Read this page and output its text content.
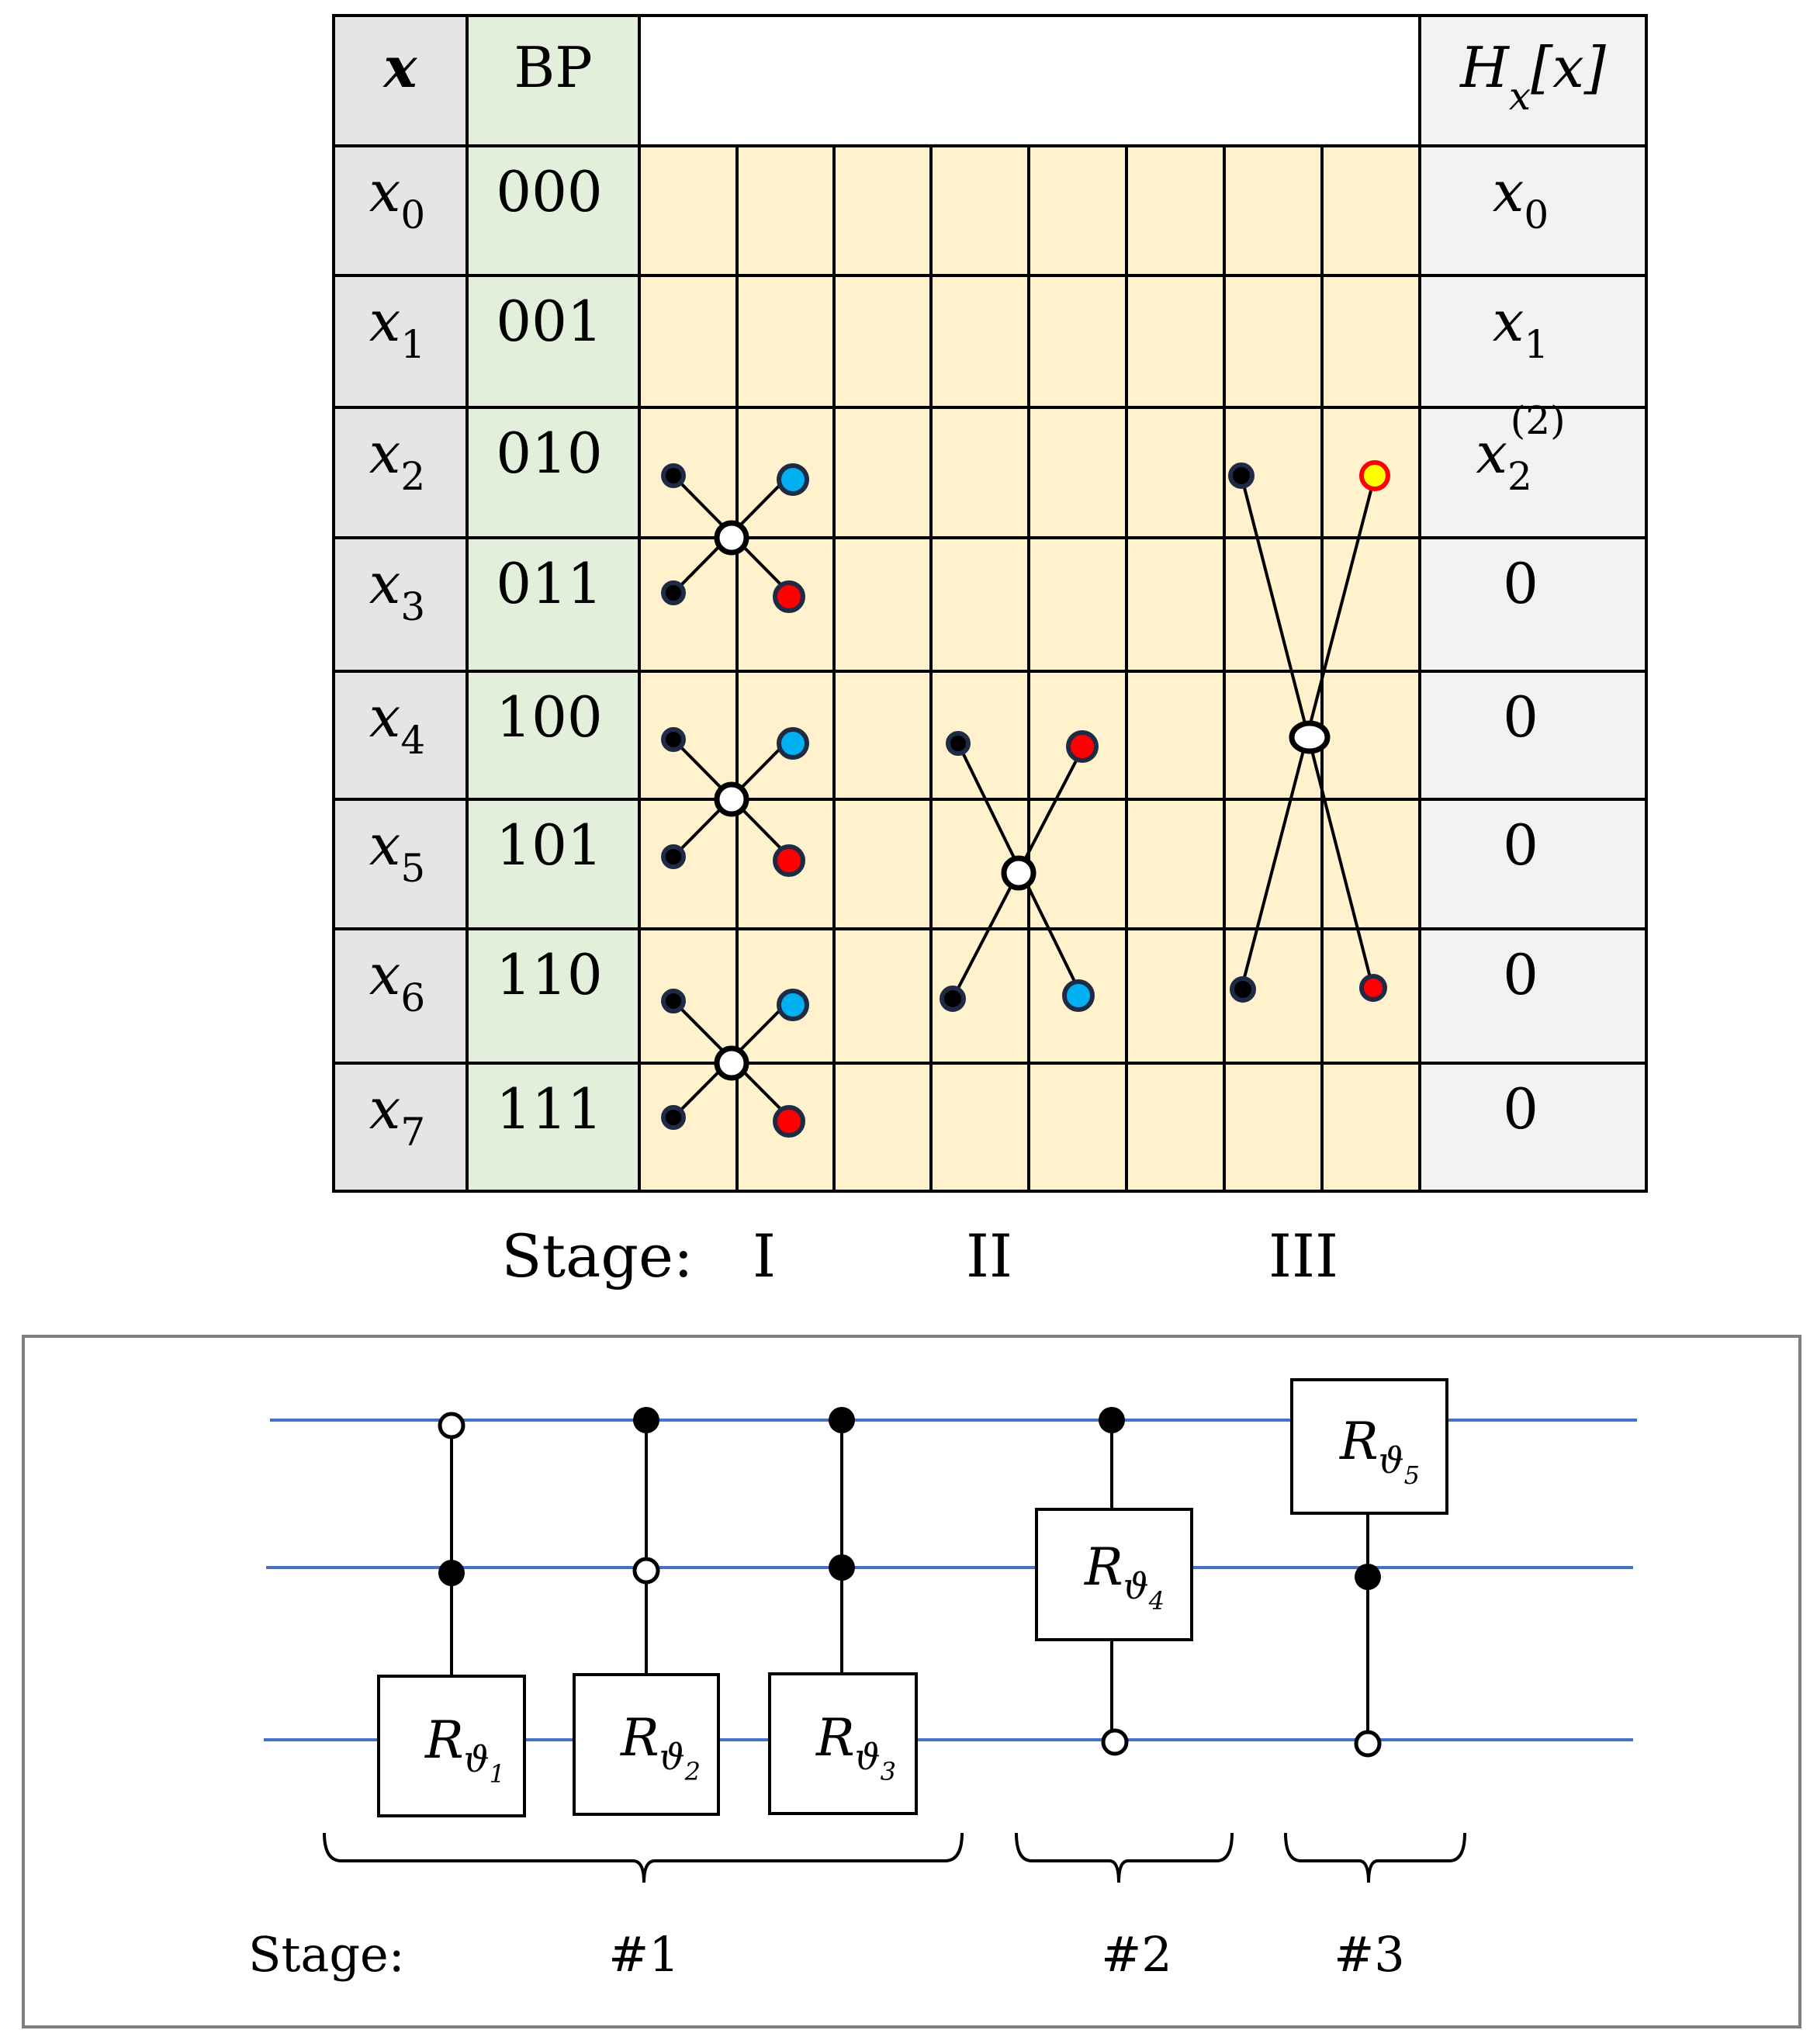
x BP	$H_x[x]$
$x_0$ 000	$x_0$
$x_1$ 001	$x_1$
$x_2$ 010	$x_2(2)$
$x_3$ 011	0
$x_4$ 100	0
$x_5$ 101	0
$x_6$ 110	0
$x_7$ 111	0
Stage: I	II	III
$R_{ϑ1}$
$R_{ϑ2}$
$R_{ϑ3}$
$R_{ϑ4}$
$R_{ϑ5}$
Stage:	#1	#2	#3
